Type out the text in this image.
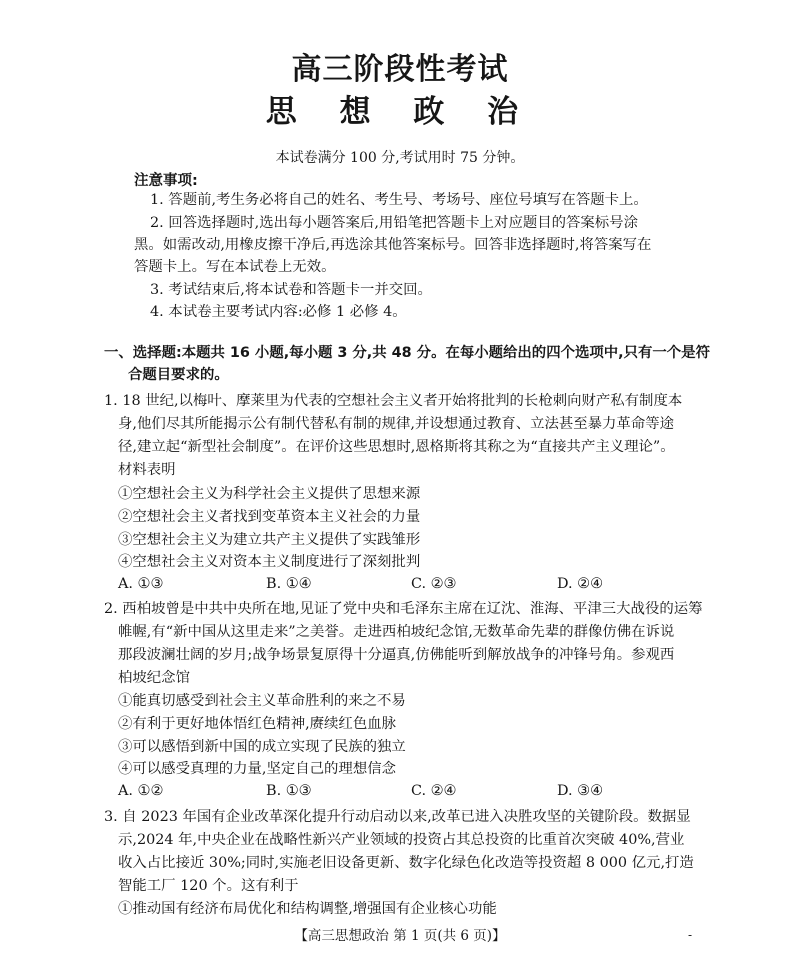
高三阶段性考试
思 想 政 治
本试卷满分 100 分,考试用时 75 分钟。
注意事项:
1. 答题前,考生务必将自己的姓名、考生号、考场号、座位号填写在答题卡上。
2. 回答选择题时,选出每小题答案后,用铅笔把答题卡上对应题目的答案标号涂
黑。如需改动,用橡皮擦干净后,再选涂其他答案标号。回答非选择题时,将答案写在
答题卡上。写在本试卷上无效。
3. 考试结束后,将本试卷和答题卡一并交回。
4. 本试卷主要考试内容:必修 1 必修 4。
一、选择题:本题共 16 小题,每小题 3 分,共 48 分。在每小题给出的四个选项中,只有一个是符
合题目要求的。
1. 18 世纪,以梅叶、摩莱里为代表的空想社会主义者开始将批判的长枪刺向财产私有制度本
身,他们尽其所能揭示公有制代替私有制的规律,并设想通过教育、立法甚至暴力革命等途
径,建立起“新型社会制度”。在评价这些思想时,恩格斯将其称之为“直接共产主义理论”。
材料表明
①空想社会主义为科学社会主义提供了思想来源
②空想社会主义者找到变革资本主义社会的力量
③空想社会主义为建立共产主义提供了实践雏形
④空想社会主义对资本主义制度进行了深刻批判
A. ①③	B. ①④	C. ②③	D. ②④
2. 西柏坡曾是中共中央所在地,见证了党中央和毛泽东主席在辽沈、淮海、平津三大战役的运筹
帷幄,有“新中国从这里走来”之美誉。走进西柏坡纪念馆,无数革命先辈的群像仿佛在诉说
那段波澜壮阔的岁月;战争场景复原得十分逼真,仿佛能听到解放战争的冲锋号角。参观西
柏坡纪念馆
①能真切感受到社会主义革命胜利的来之不易
②有利于更好地体悟红色精神,赓续红色血脉
③可以感悟到新中国的成立实现了民族的独立
④可以感受真理的力量,坚定自己的理想信念
A. ①②	B. ①③	C. ②④	D. ③④
3. 自 2023 年国有企业改革深化提升行动启动以来,改革已进入决胜攻坚的关键阶段。数据显
示,2024 年,中央企业在战略性新兴产业领域的投资占其总投资的比重首次突破 40%,营业
收入占比接近 30%;同时,实施老旧设备更新、数字化绿色化改造等投资超 8 000 亿元,打造
智能工厂 120 个。这有利于
①推动国有经济布局优化和结构调整,增强国有企业核心功能
【高三思想政治 第 1 页(共 6 页)】	-
